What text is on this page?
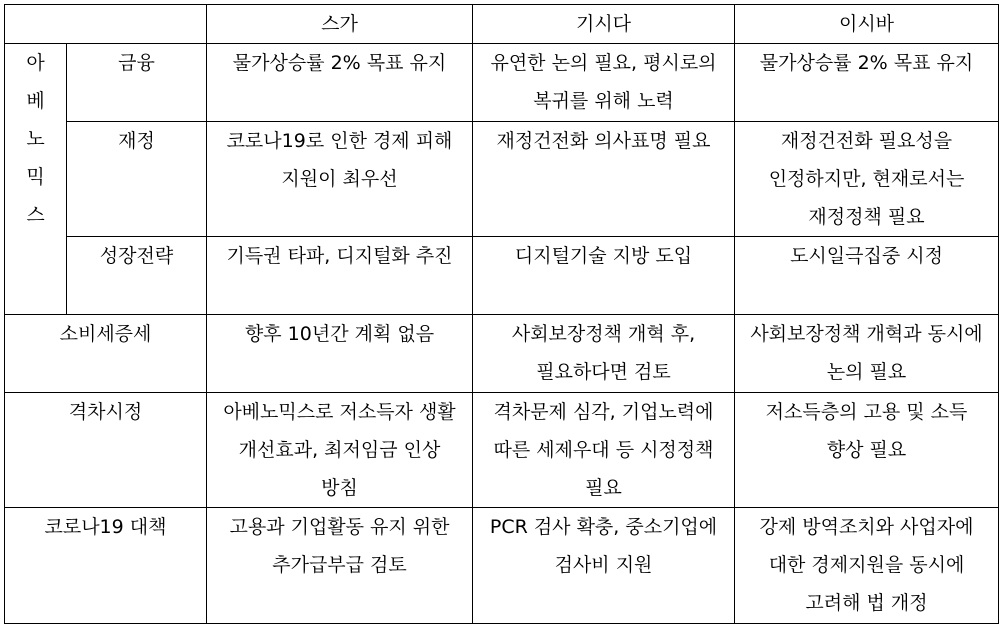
		스가	기시다	이시바

아
베
노
믹
스	금융	물가상승률 2% 목표 유지	유연한 논의 필요, 평시로의 복귀를 위해 노력	물가상승률 2% 목표 유지
	재정	코로나19로 인한 경제 피해 지원이 최우선	재정건전화 의사표명 필요	재정건전화 필요성을 인정하지만, 현재로서는 재정정책 필요
	성장전략	기득권 타파, 디지털화 추진	디지털기술 지방 도입	도시일극집중 시정
소비세증세		향후 10년간 계획 없음	사회보장정책 개혁 후, 필요하다면 검토	사회보장정책 개혁과 동시에 논의 필요
격차시정		아베노믹스로 저소득자 생활 개선효과, 최저임금 인상 방침	격차문제 심각, 기업노력에 따른 세제우대 등 시정정책 필요	저소득층의 고용 및 소득 향상 필요
코로나19 대책		고용과 기업활동 유지 위한 추가급부급 검토	PCR 검사 확충, 중소기업에 검사비 지원	강제 방역조치와 사업자에 대한 경제지원을 동시에 고려해 법 개정
